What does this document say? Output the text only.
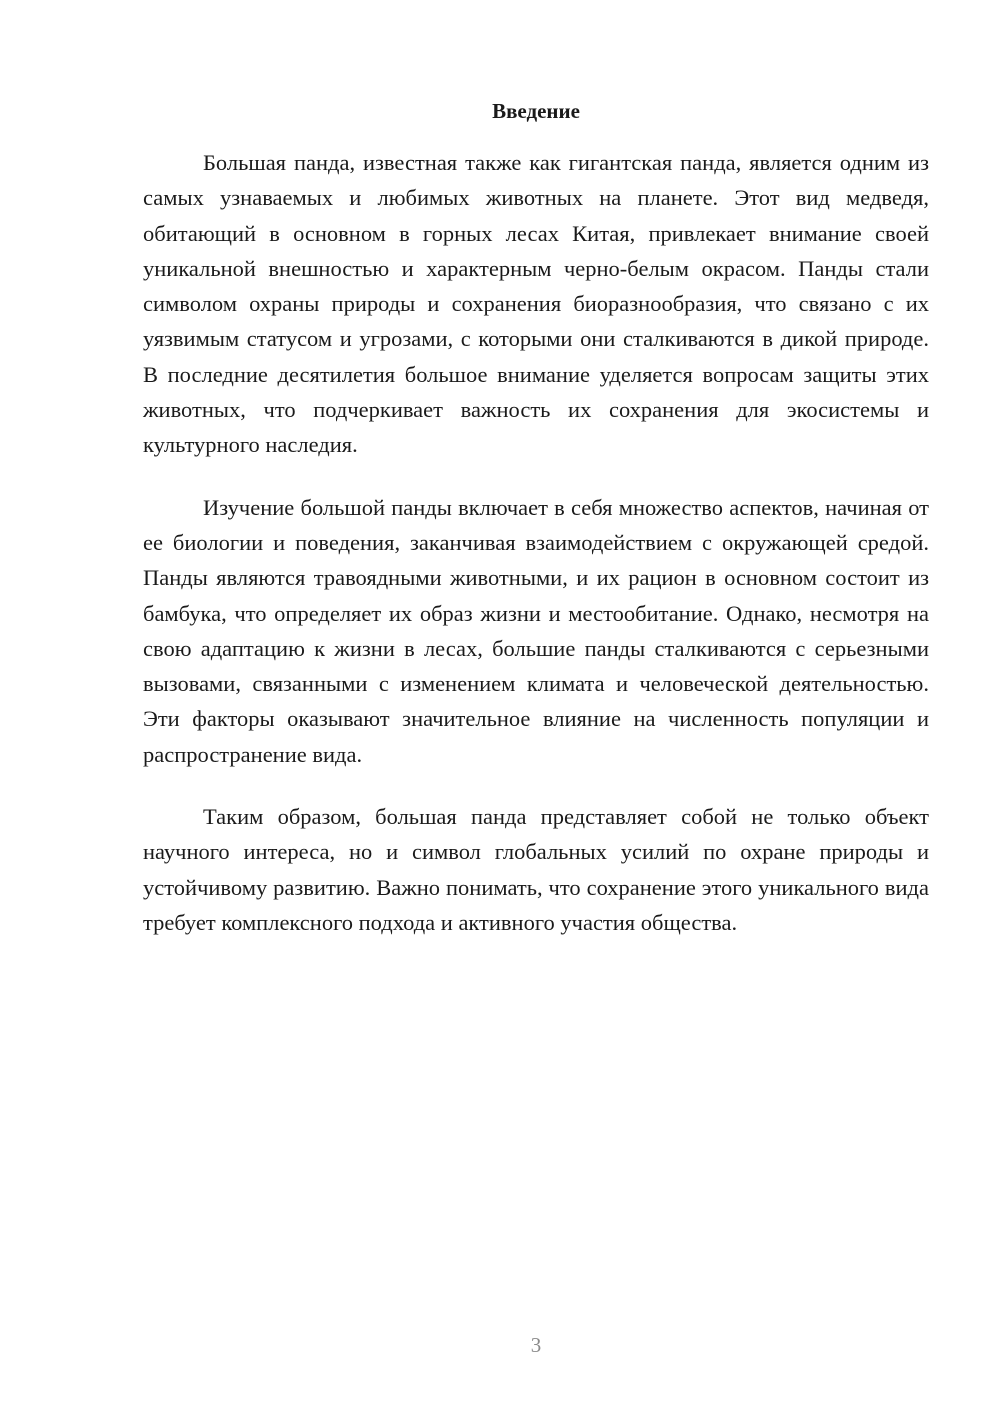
Введение

Большая панда, известная также как гигантская панда, является одним из самых узнаваемых и любимых животных на планете. Этот вид медведя, обитающий в основном в горных лесах Китая, привлекает внимание своей уникальной внешностью и характерным черно-белым окрасом. Панды стали символом охраны природы и сохранения биоразнообразия, что связано с их уязвимым статусом и угрозами, с которыми они сталкиваются в дикой природе. В последние десятилетия большое внимание уделяется вопросам защиты этих животных, что подчеркивает важность их сохранения для экосистемы и культурного наследия.

Изучение большой панды включает в себя множество аспектов, начиная от ее биологии и поведения, заканчивая взаимодействием с окружающей средой. Панды являются травоядными животными, и их рацион в основном состоит из бамбука, что определяет их образ жизни и местообитание. Однако, несмотря на свою адаптацию к жизни в лесах, большие панды сталкиваются с серьезными вызовами, связанными с изменением климата и человеческой деятельностью. Эти факторы оказывают значительное влияние на численность популяции и распространение вида.

Таким образом, большая панда представляет собой не только объект научного интереса, но и символ глобальных усилий по охране природы и устойчивому развитию. Важно понимать, что сохранение этого уникального вида требует комплексного подхода и активного участия общества.

3
